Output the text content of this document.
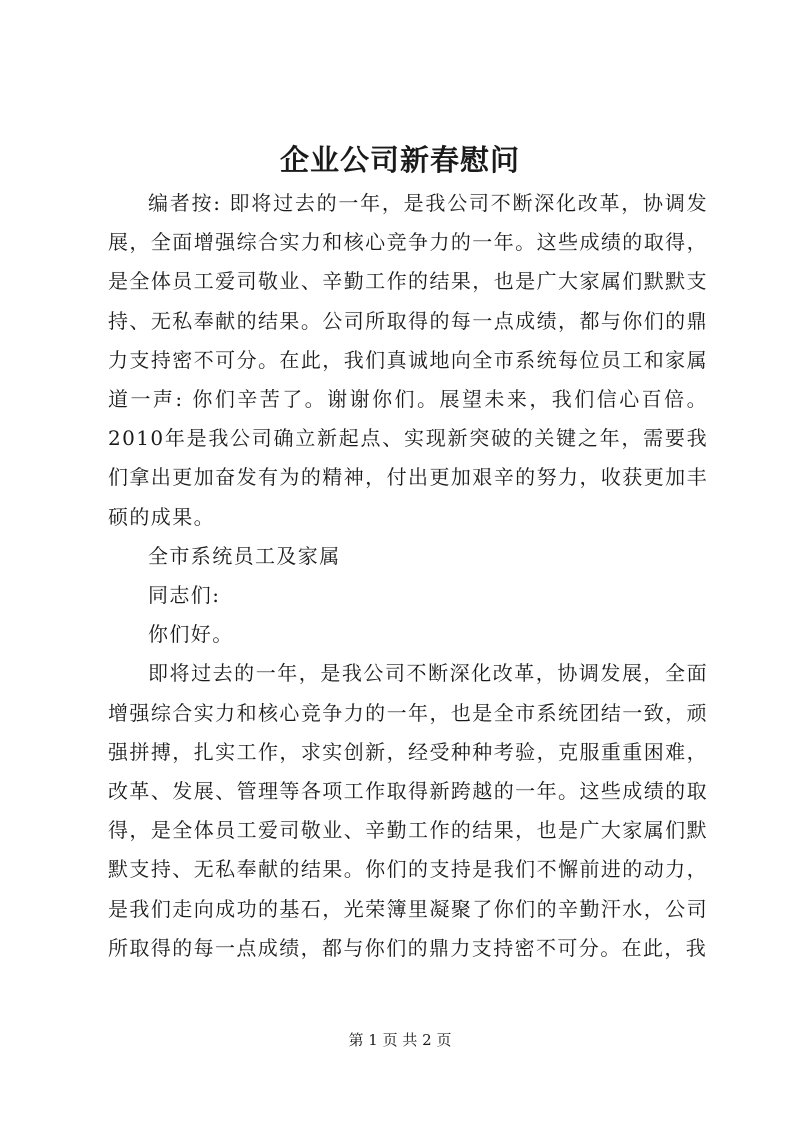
企业公司新春慰问

编者按: 即将过去的一年，是我公司不断深化改革，协调发展，全面增强综合实力和核心竞争力的一年。这些成绩的取得，是全体员工爱司敬业、辛勤工作的结果，也是广大家属们默默支持、无私奉献的结果。公司所取得的每一点成绩，都与你们的鼎力支持密不可分。在此，我们真诚地向全市系统每位员工和家属道一声: 你们辛苦了。谢谢你们。展望未来，我们信心百倍。2010年是我公司确立新起点、实现新突破的关键之年，需要我们拿出更加奋发有为的精神，付出更加艰辛的努力，收获更加丰硕的成果。

全市系统员工及家属

同志们:

你们好。

即将过去的一年，是我公司不断深化改革，协调发展，全面增强综合实力和核心竞争力的一年，也是全市系统团结一致，顽强拼搏，扎实工作，求实创新，经受种种考验，克服重重困难，改革、发展、管理等各项工作取得新跨越的一年。这些成绩的取得，是全体员工爱司敬业、辛勤工作的结果，也是广大家属们默默支持、无私奉献的结果。你们的支持是我们不懈前进的动力，是我们走向成功的基石，光荣簿里凝聚了你们的辛勤汗水，公司所取得的每一点成绩，都与你们的鼎力支持密不可分。在此，我

第 1 页 共 2 页
